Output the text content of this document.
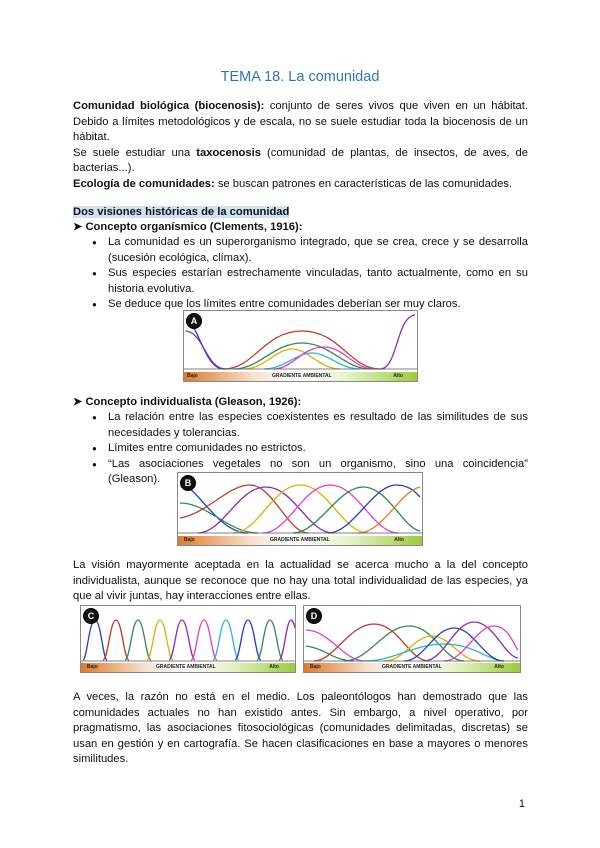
TEMA 18. La comunidad
Comunidad biológica (biocenosis): conjunto de seres vivos que viven en un hábitat. Debido a límites metodológicos y de escala, no se suele estudiar toda la biocenosis de un hábitat.
Se suele estudiar una taxocenosis (comunidad de plantas, de insectos, de aves, de bacterias...).
Ecología de comunidades: se buscan patrones en características de las comunidades.
Dos visiones históricas de la comunidad
➤ Concepto organísmico (Clements, 1916):
● La comunidad es un superorganismo integrado, que se crea, crece y se desarrolla (sucesión ecológica, clímax).
● Sus especies estarían estrechamente vinculadas, tanto actualmente, como en su historia evolutiva.
● Se deduce que los límites entre comunidades deberían ser muy claros.
A
Bajo	GRADIENTE AMBIENTAL	Alto
➤ Concepto individualista (Gleason, 1926):
● La relación entre las especies coexistentes es resultado de las similitudes de sus necesidades y tolerancias.
● Límites entre comunidades no estrictos.
● “Las asociaciones vegetales no son un organismo, sino una coincidencia” (Gleason).	B
Bajo	GRADIENTE AMBIENTAL	Alto
La visión mayormente aceptada en la actualidad se acerca mucho a la del concepto individualista, aunque se reconoce que no hay una total individualidad de las especies, ya que al vivir juntas, hay interacciones entre ellas.
C
Bajo	GRADIENTE AMBIENTAL	Alto
D
Bajo	GRADIENTE AMBIENTAL	Alto
A veces, la razón no está en el medio. Los paleontólogos han demostrado que las comunidades actuales no han existido antes. Sin embargo, a nivel operativo, por pragmatismo, las asociaciones fitosociológicas (comunidades delimitadas, discretas) se usan en gestión y en cartografía. Se hacen clasificaciones en base a mayores o menores similitudes.
1
